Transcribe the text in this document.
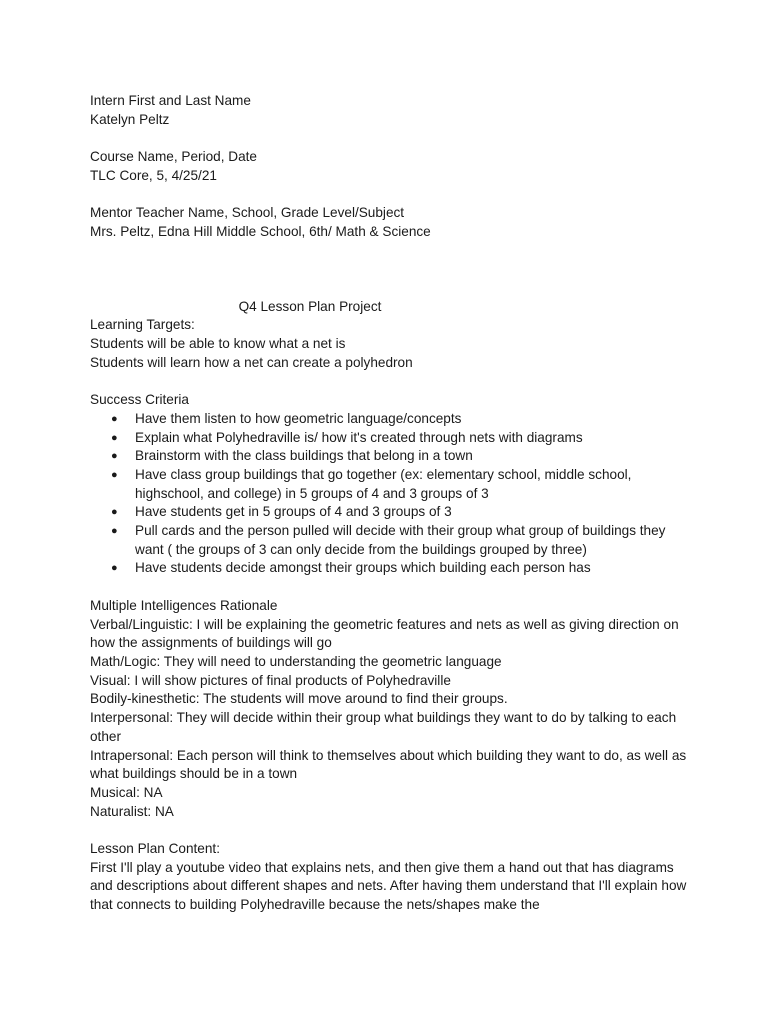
Intern First and Last Name
Katelyn Peltz
Course Name, Period, Date
TLC Core, 5, 4/25/21
Mentor Teacher Name, School, Grade Level/Subject
Mrs. Peltz, Edna Hill Middle School, 6th/ Math & Science
Q4 Lesson Plan Project
Learning Targets:
Students will be able to know what a net is
Students will learn how a net can create a polyhedron
Success Criteria
● Have them listen to how geometric language/concepts
● Explain what Polyhedraville is/ how it's created through nets with diagrams
● Brainstorm with the class buildings that belong in a town
● Have class group buildings that go together (ex: elementary school, middle school, highschool, and college) in 5 groups of 4 and 3 groups of 3
● Have students get in 5 groups of 4 and 3 groups of 3
● Pull cards and the person pulled will decide with their group what group of buildings they want ( the groups of 3 can only decide from the buildings grouped by three)
● Have students decide amongst their groups which building each person has
Multiple Intelligences Rationale
Verbal/Linguistic: I will be explaining the geometric features and nets as well as giving direction on how the assignments of buildings will go
Math/Logic: They will need to understanding the geometric language
Visual: I will show pictures of final products of Polyhedraville
Bodily-kinesthetic: The students will move around to find their groups.
Interpersonal: They will decide within their group what buildings they want to do by talking to each other
Intrapersonal: Each person will think to themselves about which building they want to do, as well as what buildings should be in a town
Musical: NA
Naturalist: NA
Lesson Plan Content:
First I'll play a youtube video that explains nets, and then give them a hand out that has diagrams and descriptions about different shapes and nets. After having them understand that I'll explain how that connects to building Polyhedraville because the nets/shapes make the
